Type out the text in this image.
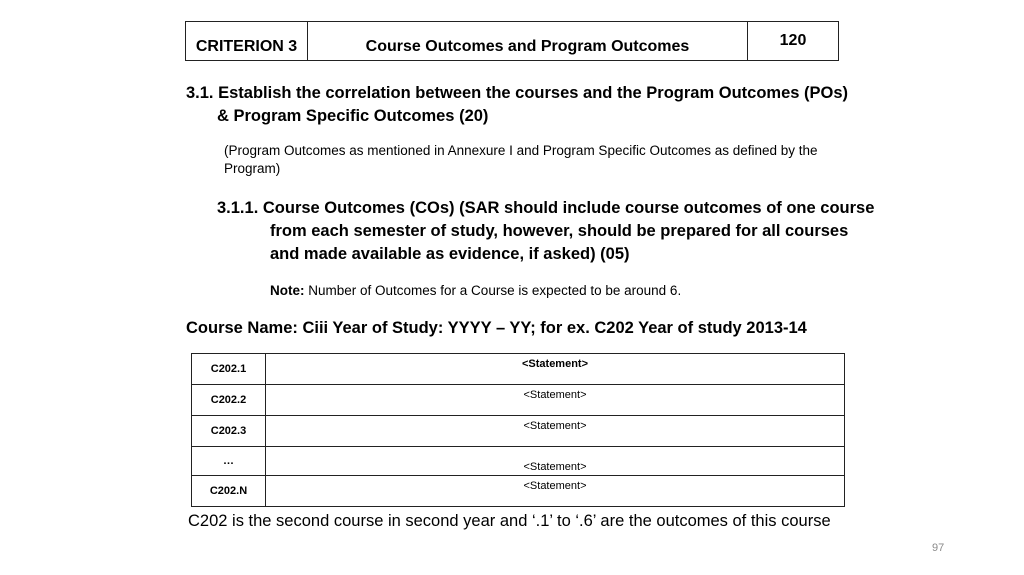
CRITERION 3	Course Outcomes and Program Outcomes	120
3.1. Establish the correlation between the courses and the Program Outcomes (POs)
& Program Specific Outcomes (20)
(Program Outcomes as mentioned in Annexure I and Program Specific Outcomes as defined by the
Program)
3.1.1. Course Outcomes (COs) (SAR should include course outcomes of one course
from each semester of study, however, should be prepared for all courses
and made available as evidence, if asked) (05)
Note: Number of Outcomes for a Course is expected to be around 6.
Course Name: Ciii Year of Study: YYYY – YY; for ex. C202 Year of study 2013-14
C202.1	<Statement>
C202.2	<Statement>
C202.3	<Statement>
…	<Statement>
C202.N	<Statement>
C202 is the second course in second year and ‘.1’ to ‘.6’ are the outcomes of this course
97
